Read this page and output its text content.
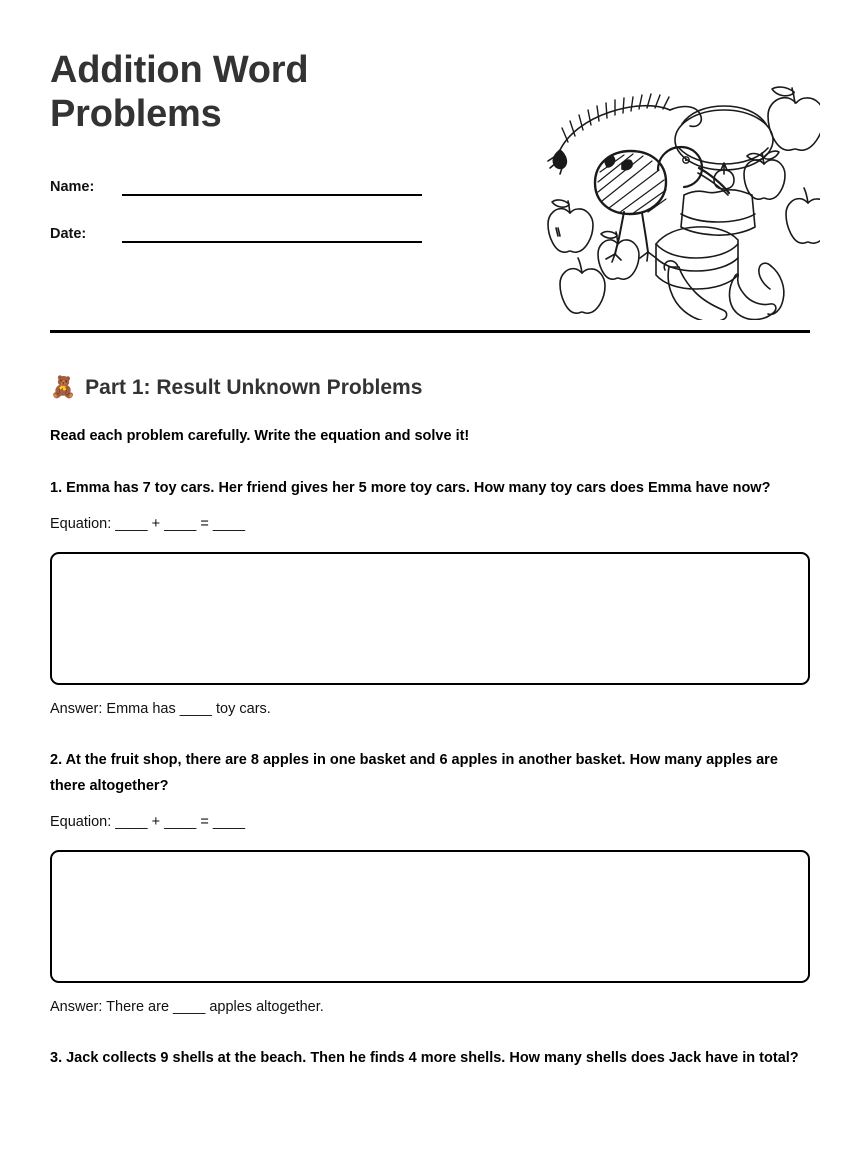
Addition Word Problems
Name:
Date:
🧸 Part 1: Result Unknown Problems
Read each problem carefully. Write the equation and solve it!
1. Emma has 7 toy cars. Her friend gives her 5 more toy cars. How many toy cars does Emma have now?
Equation: ____ + ____ = ____
Answer: Emma has ____ toy cars.
2. At the fruit shop, there are 8 apples in one basket and 6 apples in another basket. How many apples are there altogether?
Equation: ____ + ____ = ____
Answer: There are ____ apples altogether.
3. Jack collects 9 shells at the beach. Then he finds 4 more shells. How many shells does Jack have in total?
